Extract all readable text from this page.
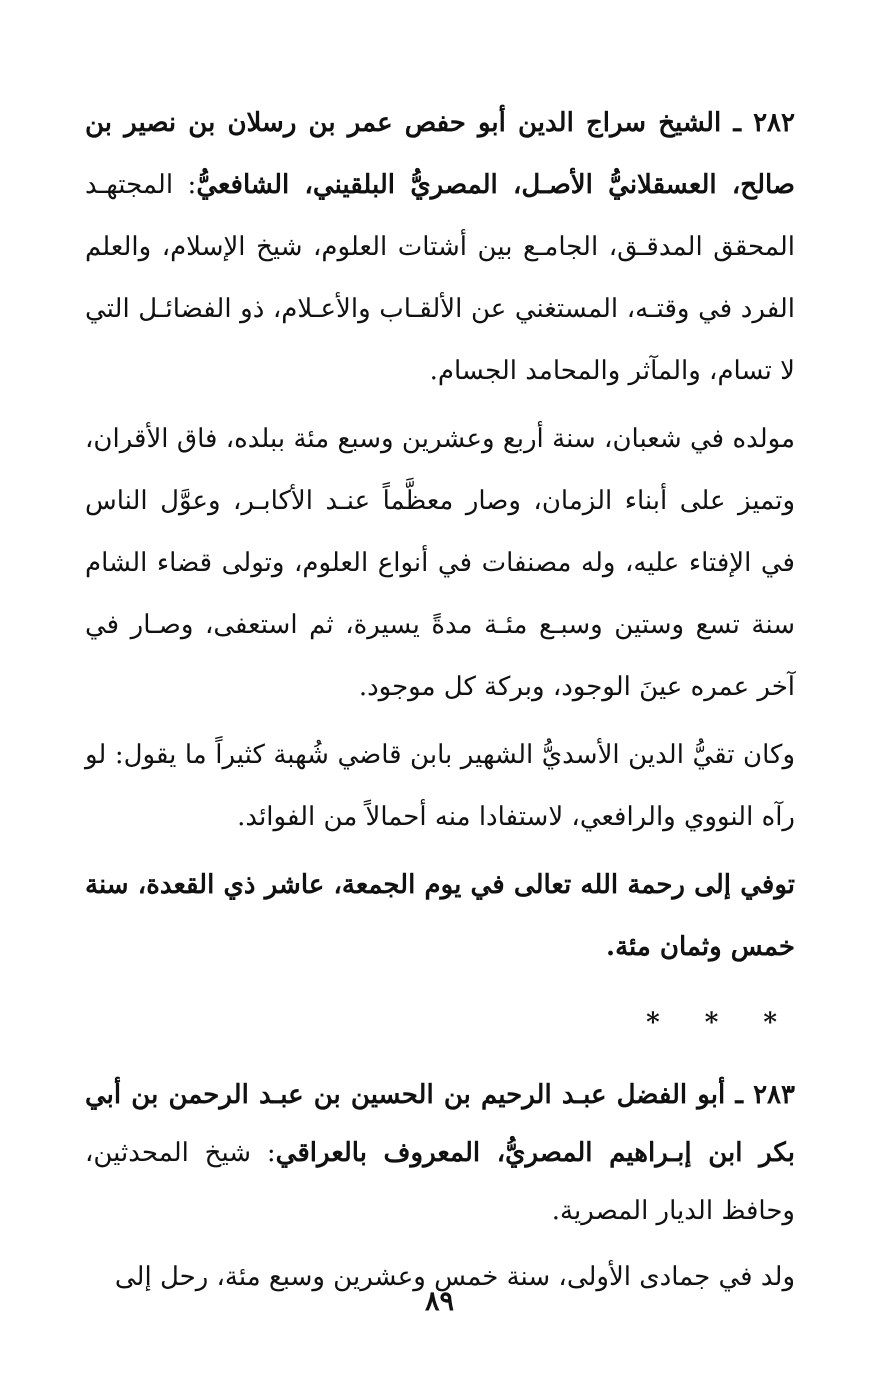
٢٨٢ ـ الشيخ سراج الدين أبو حفص عمر بن رسلان بن نصير بن صالح، العسقلانيُّ الأصـل، المصريُّ البلقيني، الشافعيُّ: المجتهـد المحقق المدقـق، الجامـع بين أشتات العلوم، شيخ الإسلام، والعلم الفرد في وقتـه، المستغني عن الألقـاب والأعـلام، ذو الفضائـل التي لا تسام، والمآثر والمحامد الجسام.

مولده في شعبان، سنة أربع وعشرين وسبع مئة ببلده، فاق الأقران، وتميز على أبناء الزمان، وصار معظَّماً عنـد الأكابـر، وعوَّل الناس في الإفتاء عليه، وله مصنفات في أنواع العلوم، وتولى قضاء الشام سنة تسع وستين وسبـع مئـة مدةً يسيرة، ثم استعفى، وصـار في آخر عمره عينَ الوجود، وبركة كل موجود.

وكان تقيُّ الدين الأسديُّ الشهير بابن قاضي شُهبة كثيراً ما يقول: لو رآه النووي والرافعي، لاستفادا منه أحمالاً من الفوائد.

توفي إلى رحمة الله تعالى في يوم الجمعة، عاشر ذي القعدة، سنة خمس وثمان مئة.

* * *

٢٨٣ ـ أبو الفضل عبـد الرحيم بن الحسين بن عبـد الرحمن بن أبي بكر ابن إبـراهيم المصريُّ، المعروف بالعراقي: شيخ المحدثين، وحافظ الديار المصرية.

ولد في جمادى الأولى، سنة خمس وعشرين وسبع مئة، رحل إلى

٨٩
